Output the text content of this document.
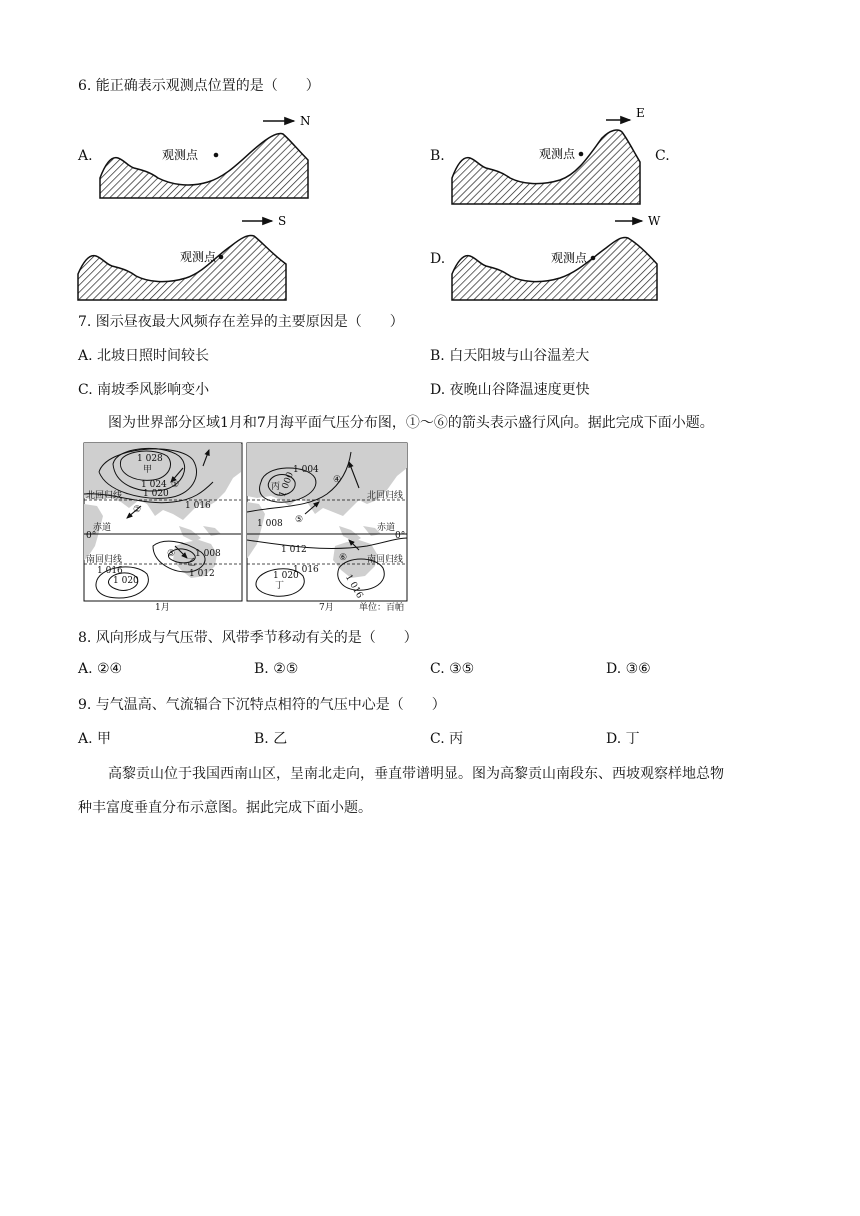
6. 能正确表示观测点位置的是（　　）
A.
N
观测点	B.
E
观测点	C.
S
观测点	D.
W
观测点
7. 图示昼夜最大风频存在差异的主要原因是（　　）
A. 北坡日照时间较长	B. 白天阳坡与山谷温差大
C. 南坡季风影响变小	D. 夜晚山谷降温速度更快
图为世界部分区域1月和7月海平面气压分布图，①～⑥的箭头表示盛行风向。据此完成下面小题。
1 028
甲
1 024 ①
1 020
1 016
②
北回归线
赤道
0°
南回归线
③ 1 008
乙
1 012
1 016
1 020
1月
丙
1 000
1 004
④
北回归线
⑤
1 008	赤道
0°
1 012
⑥ 南回归线
1 016
1 020
丁	1 016
7月	单位：百帕
8. 风向形成与气压带、风带季节移动有关的是（　　）
A. ②④	B. ②⑤	C. ③⑤	D. ③⑥
9. 与气温高、气流辐合下沉特点相符的气压中心是（　　）
A. 甲	B. 乙	C. 丙	D. 丁
高黎贡山位于我国西南山区，呈南北走向，垂直带谱明显。图为高黎贡山南段东、西坡观察样地总物
种丰富度垂直分布示意图。据此完成下面小题。
